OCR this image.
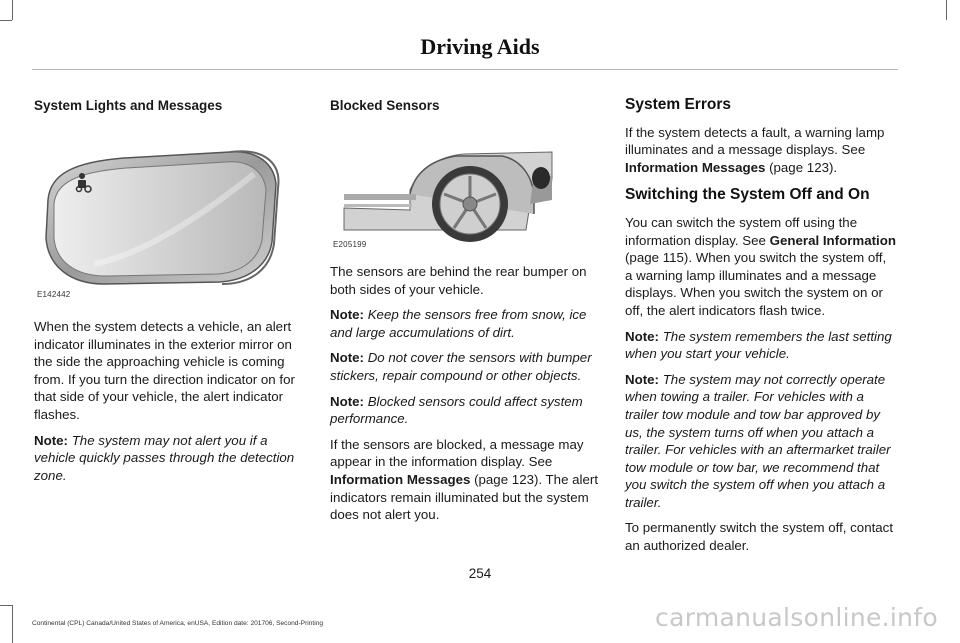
Driving Aids

System Lights and Messages

E142442

When the system detects a vehicle, an alert indicator illuminates in the exterior mirror on the side the approaching vehicle is coming from. If you turn the direction indicator on for that side of your vehicle, the alert indicator flashes.

Note: The system may not alert you if a vehicle quickly passes through the detection zone.

Blocked Sensors

E205199

The sensors are behind the rear bumper on both sides of your vehicle.

Note: Keep the sensors free from snow, ice and large accumulations of dirt.

Note: Do not cover the sensors with bumper stickers, repair compound or other objects.

Note: Blocked sensors could affect system performance.

If the sensors are blocked, a message may appear in the information display. See Information Messages (page 123). The alert indicators remain illuminated but the system does not alert you.

System Errors

If the system detects a fault, a warning lamp illuminates and a message displays. See Information Messages (page 123).

Switching the System Off and On

You can switch the system off using the information display. See General Information (page 115). When you switch the system off, a warning lamp illuminates and a message displays. When you switch the system on or off, the alert indicators flash twice.

Note: The system remembers the last setting when you start your vehicle.

Note: The system may not correctly operate when towing a trailer. For vehicles with a trailer tow module and tow bar approved by us, the system turns off when you attach a trailer. For vehicles with an aftermarket trailer tow module or tow bar, we recommend that you switch the system off when you attach a trailer.

To permanently switch the system off, contact an authorized dealer.

254
Continental (CPL) Canada/United States of America, enUSA, Edition date: 201706, Second-Printing	carmanualsonline.info
